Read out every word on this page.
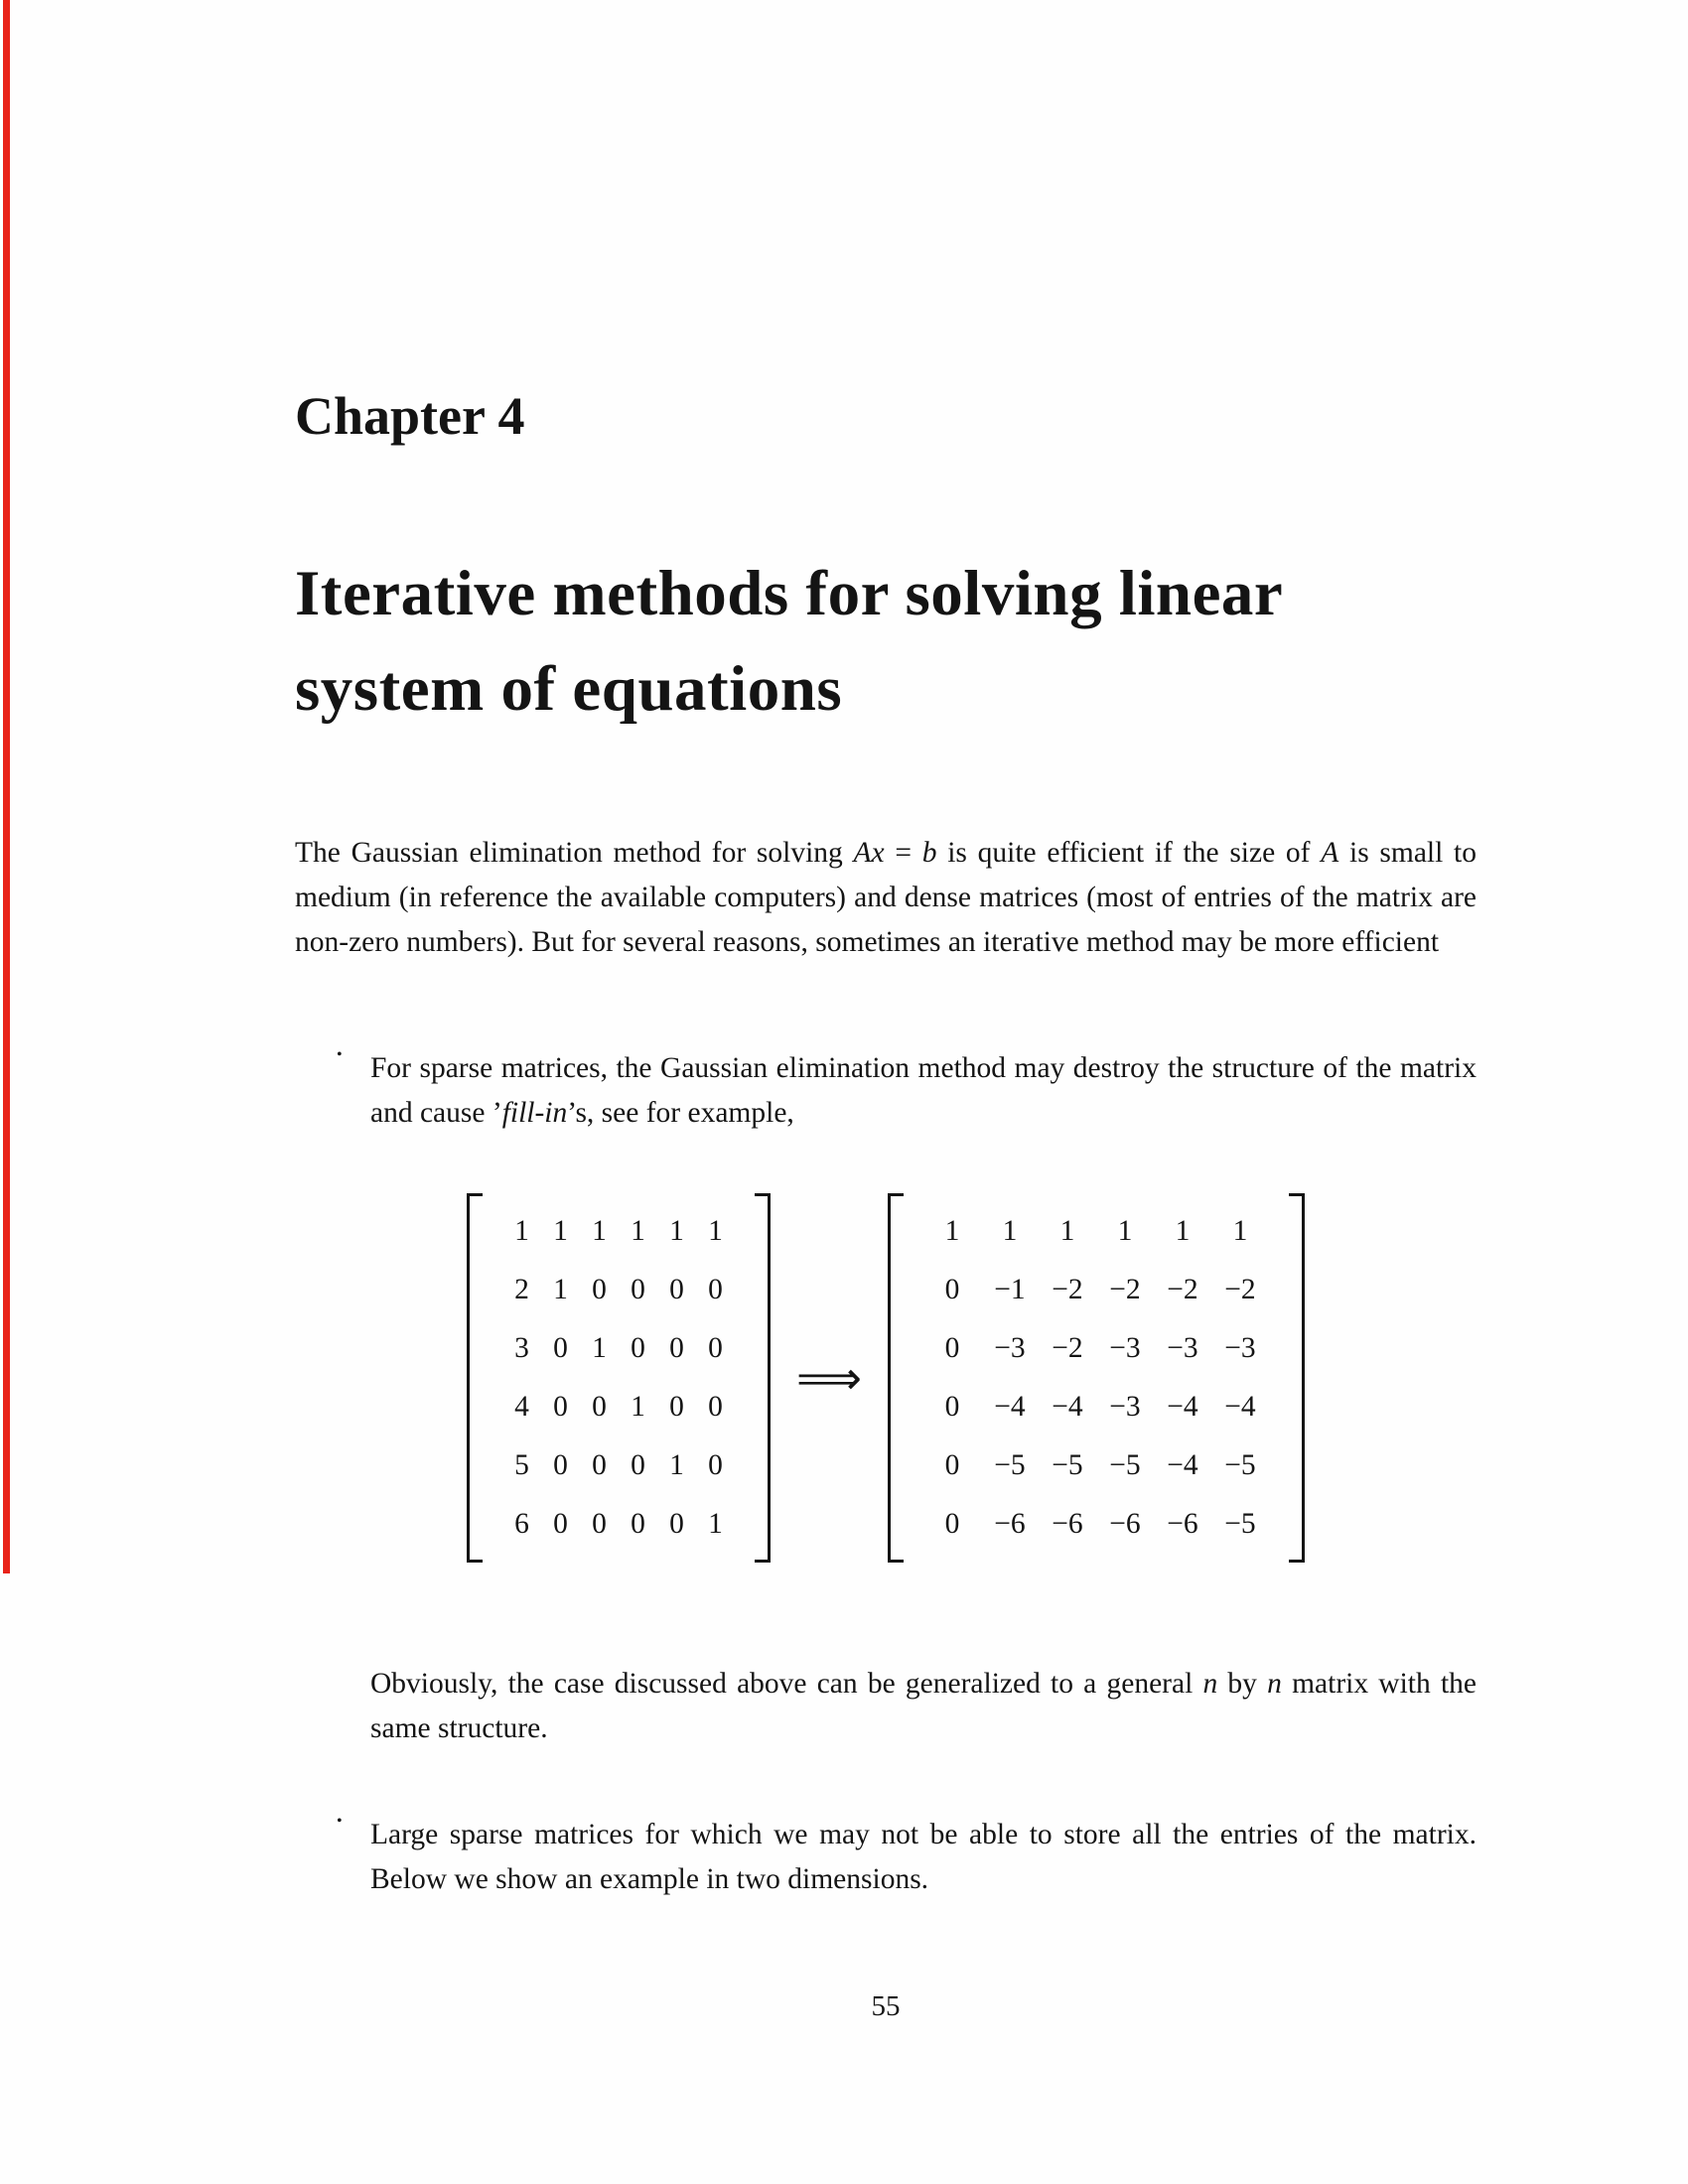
Chapter 4
Iterative methods for solving linear
system of equations

The Gaussian elimination method for solving Ax = b is quite efficient if the size of A is small to medium (in reference the available computers) and dense matrices (most of entries of the matrix are non-zero numbers). But for several reasons, sometimes an iterative method may be more efficient

• For sparse matrices, the Gaussian elimination method may destroy the structure of the matrix and cause ’fill-in’s, see for example,
1 1 1 1 1 1
2 1 0 0 0 0
3 0 1 0 0 0
4 0 0 1 0 0
5 0 0 0 1 0
6 0 0 0 0 1
⟹
1	1	1	1	1	1
0	−1 −2 −2 −2 −2
0	−3 −2 −3 −3 −3
0	−4 −4 −3 −4 −4
0	−5 −5 −5 −4 −5
0	−6 −6 −6 −6 −5

Obviously, the case discussed above can be generalized to a general n by n matrix with the same structure.

• Large sparse matrices for which we may not be able to store all the entries of the matrix. Below we show an example in two dimensions.
55
